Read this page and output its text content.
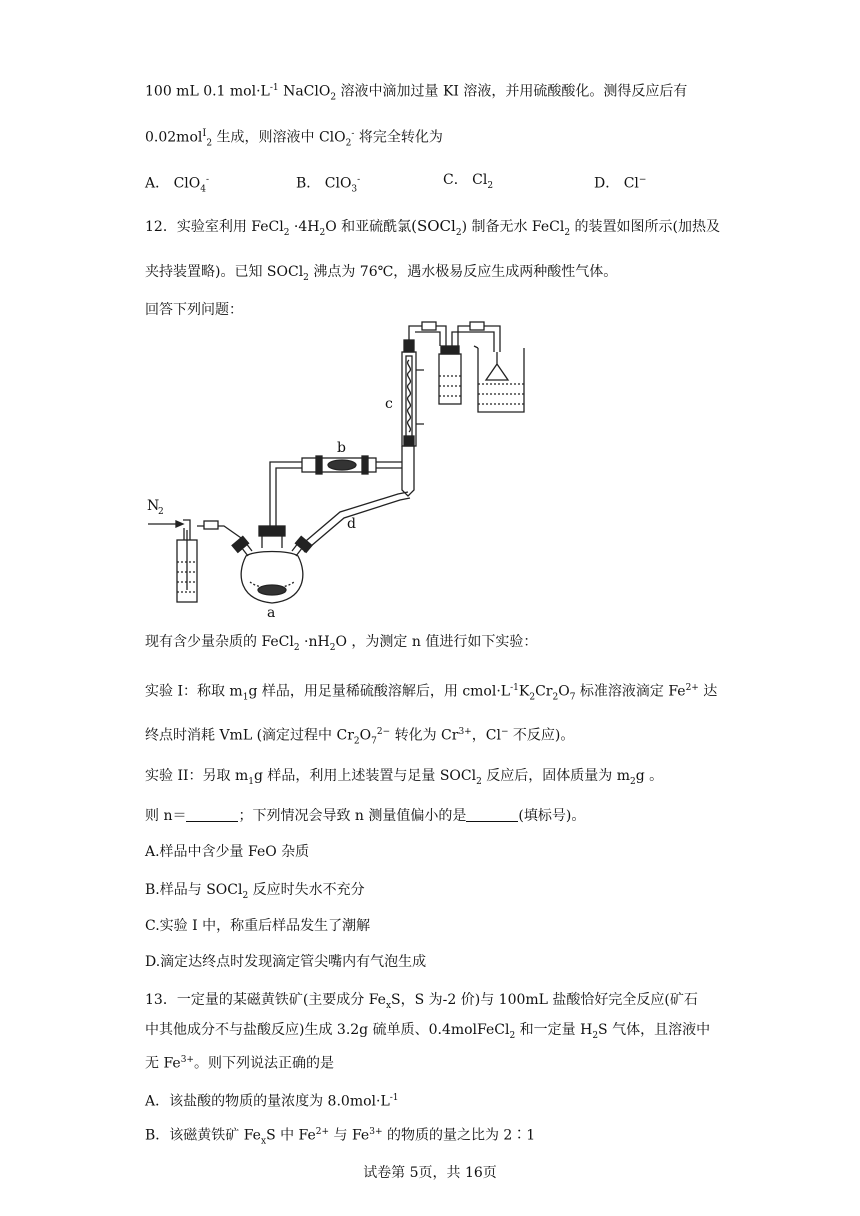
100 mL 0.1 $mol\cdot L^{-1}$ NaClO$_2$ 溶液中滴加过量 KI 溶液，并用硫酸酸化。测得反应后有
0.02mol$^I_2$ 生成，则溶液中 ClO$_2$- 将完全转化为
A． ClO$_4$-	B． ClO$_3$-	C． $Cl_2$	D． Cl−
12．实验室利用 FeCl$_2$ $\cdot 4H_2O$ 和亚硫酰氯(SOCl$_2$) 制备无水 FeCl$_2$ 的装置如图所示(加热及
夹持装置略)。已知 SOCl$_2$ 沸点为 76℃，遇水极易反应生成两种酸性气体。
回答下列问题：
N
2
a
b
c
d
现有含少量杂质的 FeCl$_2$ $\cdot nH_2O$ ，为测定 n 值进行如下实验：
实验 I：称取 $m_1g$ 样品，用足量稀硫酸溶解后，用 $cmol\cdot L^{-1}K_2Cr_2O_7$ 标准溶液滴定 $Fe^{2+}$ 达
终点时消耗 VmL (滴定过程中 $Cr_2O_7^{2-}$ 转化为 $Cr^{3+}$，Cl− 不反应)。
实验 II：另取 $m_1g$ 样品，利用上述装置与足量 SOCl$_2$ 反应后，固体质量为 $m_2g$ 。
则 n＝	；下列情况会导致 n 测量值偏小的是	(填标号)。
A.样品中含少量 FeO 杂质
B.样品与 SOCl$_2$ 反应时失水不充分
C.实验 I 中，称重后样品发生了潮解
D.滴定达终点时发现滴定管尖嘴内有气泡生成
13．一定量的某磁黄铁矿(主要成分 $Fe_xS$，S 为-2 价)与 100mL 盐酸恰好完全反应(矿石
中其他成分不与盐酸反应)生成 3.2g 硫单质、0.4molFeCl$_2$ 和一定量 $H_2S$ 气体，且溶液中
无 $Fe^{3+}$。则下列说法正确的是
A．该盐酸的物质的量浓度为 $8.0mol\cdot L^{-1}$
B．该磁黄铁矿 $Fe_xS$ 中 $Fe^{2+}$ 与 $Fe^{3+}$ 的物质的量之比为 2∶1
试卷第 5页，共 16页
